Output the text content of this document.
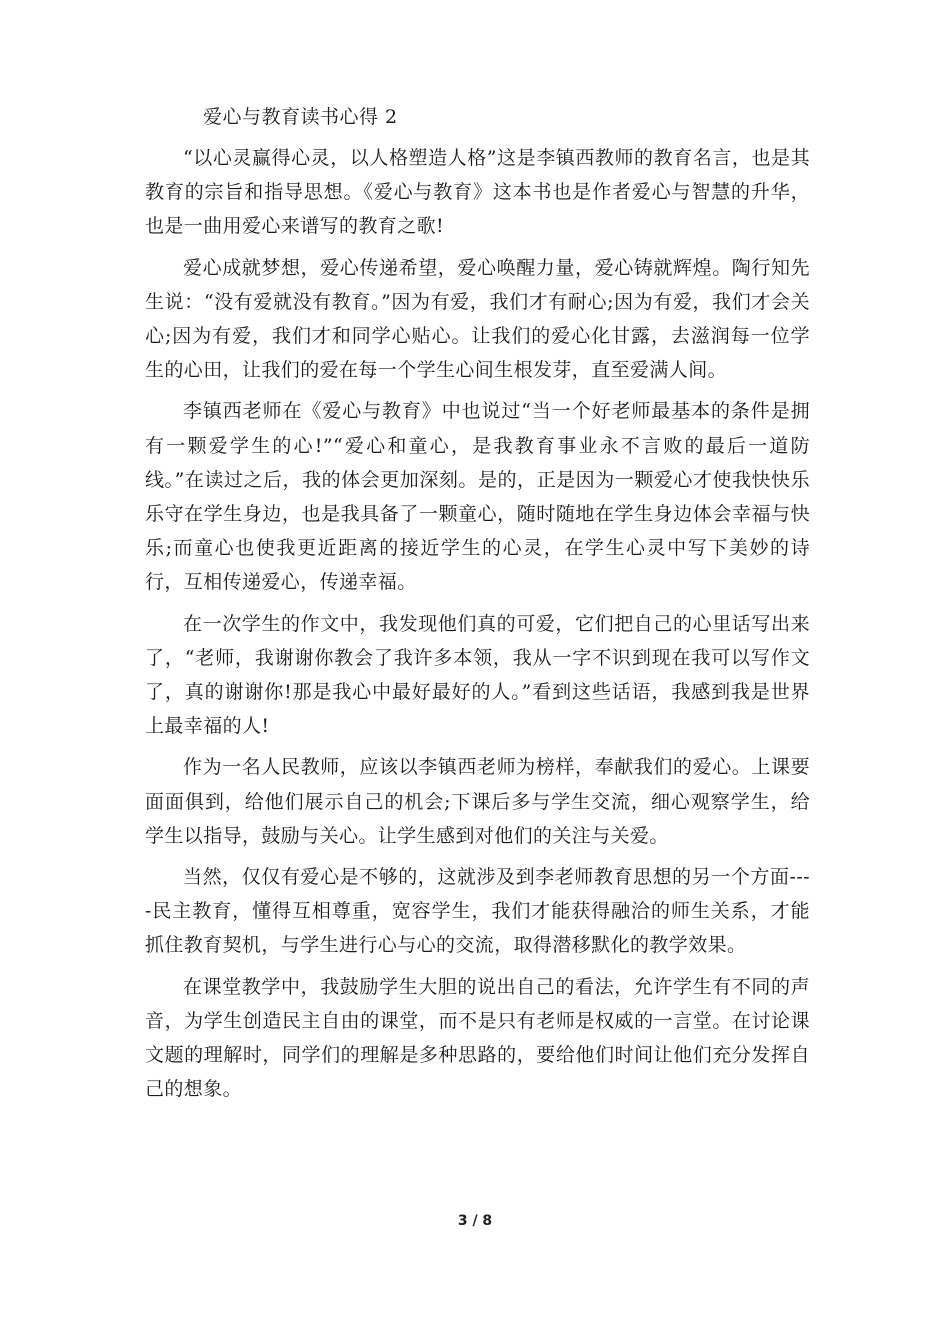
爱心与教育读书心得 2

“以心灵赢得心灵，以人格塑造人格”这是李镇西教师的教育名言，也是其教育的宗旨和指导思想。《爱心与教育》这本书也是作者爱心与智慧的升华，也是一曲用爱心来谱写的教育之歌!

爱心成就梦想，爱心传递希望，爱心唤醒力量，爱心铸就辉煌。陶行知先生说：“没有爱就没有教育。”因为有爱，我们才有耐心;因为有爱，我们才会关心;因为有爱，我们才和同学心贴心。让我们的爱心化甘露，去滋润每一位学生的心田，让我们的爱在每一个学生心间生根发芽，直至爱满人间。

李镇西老师在《爱心与教育》中也说过“当一个好老师最基本的条件是拥有一颗爱学生的心!”“爱心和童心，是我教育事业永不言败的最后一道防线。”在读过之后，我的体会更加深刻。是的，正是因为一颗爱心才使我快快乐乐守在学生身边，也是我具备了一颗童心，随时随地在学生身边体会幸福与快乐;而童心也使我更近距离的接近学生的心灵，在学生心灵中写下美妙的诗行，互相传递爱心，传递幸福。

在一次学生的作文中，我发现他们真的可爱，它们把自己的心里话写出来了，“老师，我谢谢你教会了我许多本领，我从一字不识到现在我可以写作文了，真的谢谢你!那是我心中最好最好的人。”看到这些话语，我感到我是世界上最幸福的人!

作为一名人民教师，应该以李镇西老师为榜样，奉献我们的爱心。上课要面面俱到，给他们展示自己的机会;下课后多与学生交流，细心观察学生，给学生以指导，鼓励与关心。让学生感到对他们的关注与关爱。

当然，仅仅有爱心是不够的，这就涉及到李老师教育思想的另一个方面----民主教育，懂得互相尊重，宽容学生，我们才能获得融洽的师生关系，才能抓住教育契机，与学生进行心与心的交流，取得潜移默化的教学效果。

在课堂教学中，我鼓励学生大胆的说出自己的看法，允许学生有不同的声音，为学生创造民主自由的课堂，而不是只有老师是权威的一言堂。在讨论课文题的理解时，同学们的理解是多种思路的，要给他们时间让他们充分发挥自己的想象。

3 / 8
